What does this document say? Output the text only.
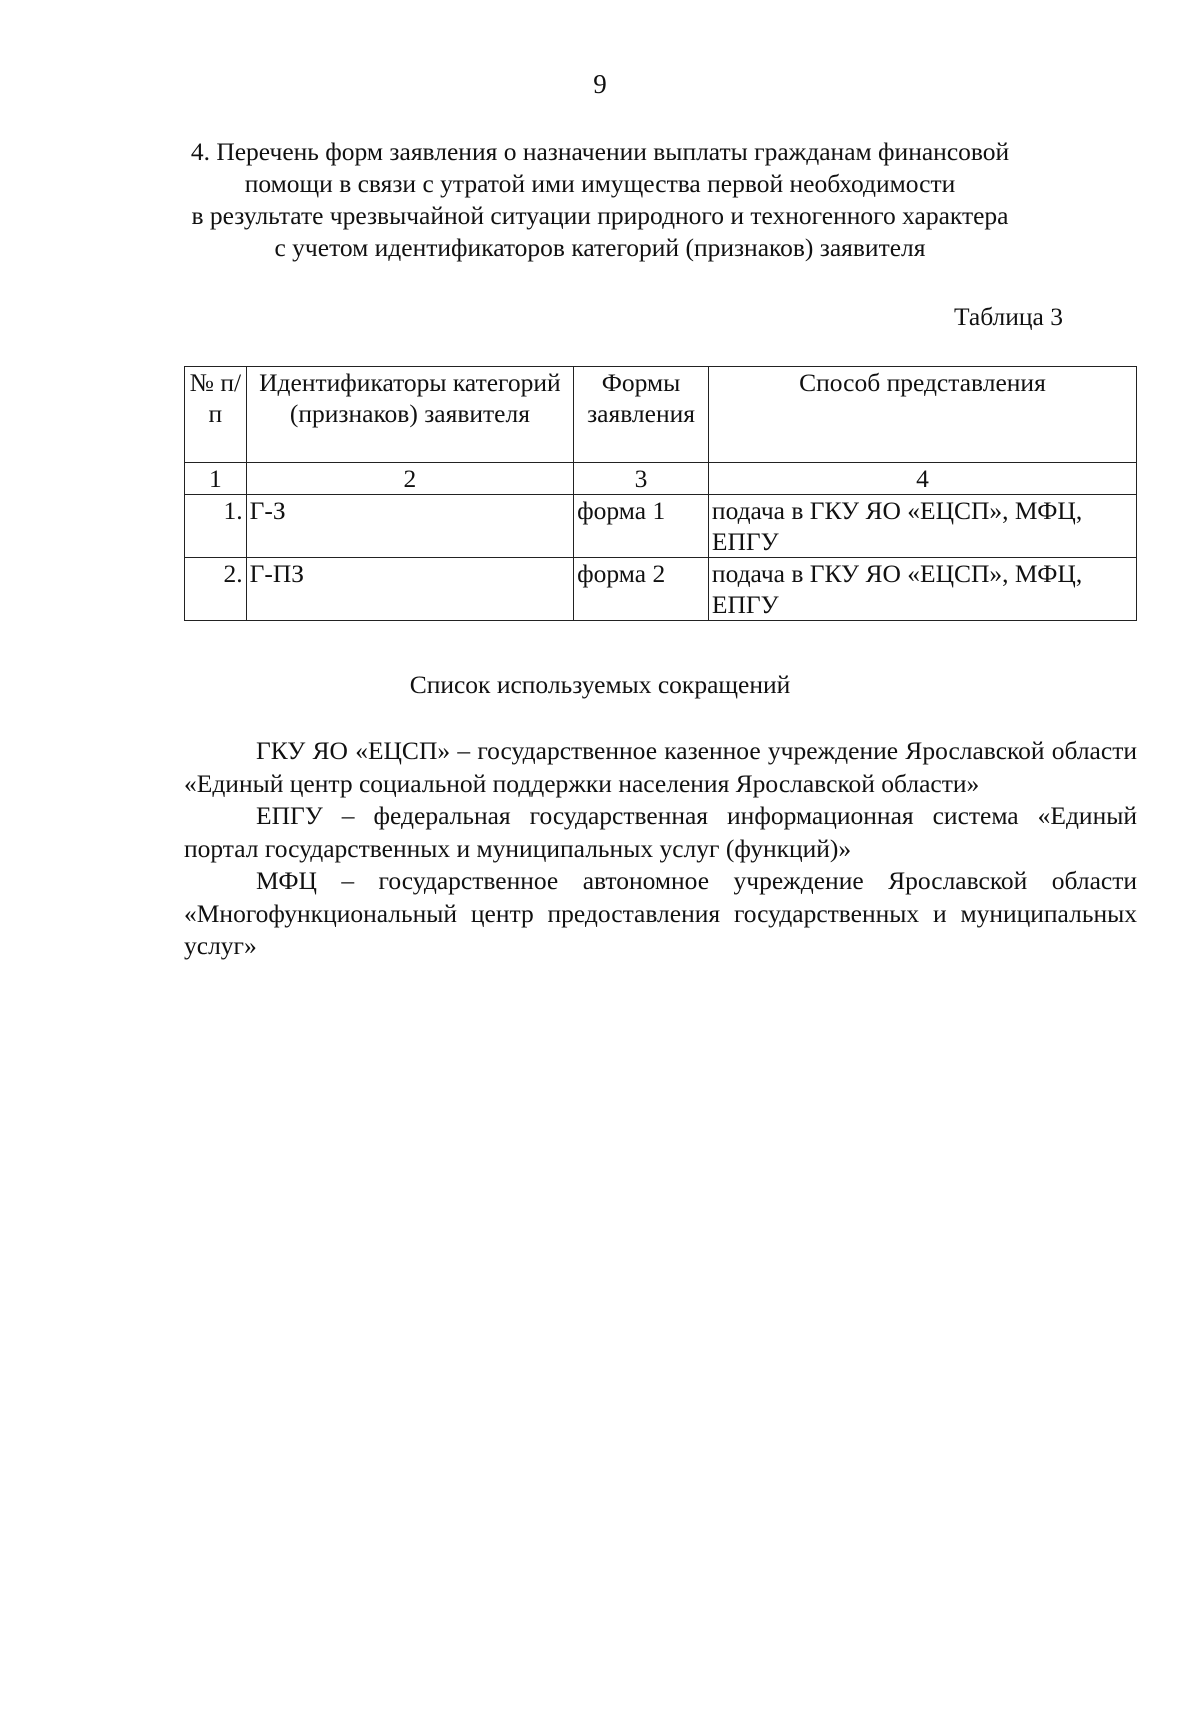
9
4. Перечень форм заявления о назначении выплаты гражданам финансовой
помощи в связи с утратой ими имущества первой необходимости
в результате чрезвычайной ситуации природного и техногенного характера
с учетом идентификаторов категорий (признаков) заявителя
Таблица 3
№ п/п	Идентификаторы категорий (признаков) заявителя	Формы заявления	Способ представления
1	2	3	4
1.	Г-З	форма 1	подача в ГКУ ЯО «ЕЦСП», МФЦ, ЕПГУ
2.	Г-ПЗ	форма 2	подача в ГКУ ЯО «ЕЦСП», МФЦ, ЕПГУ
Список используемых сокращений

ГКУ ЯО «ЕЦСП» – государственное казенное учреждение Ярославской области «Единый центр социальной поддержки населения Ярославской области»

ЕПГУ – федеральная государственная информационная система «Единый портал государственных и муниципальных услуг (функций)»

МФЦ – государственное автономное учреждение Ярославской области «Многофункциональный центр предоставления государственных и муниципальных услуг»
